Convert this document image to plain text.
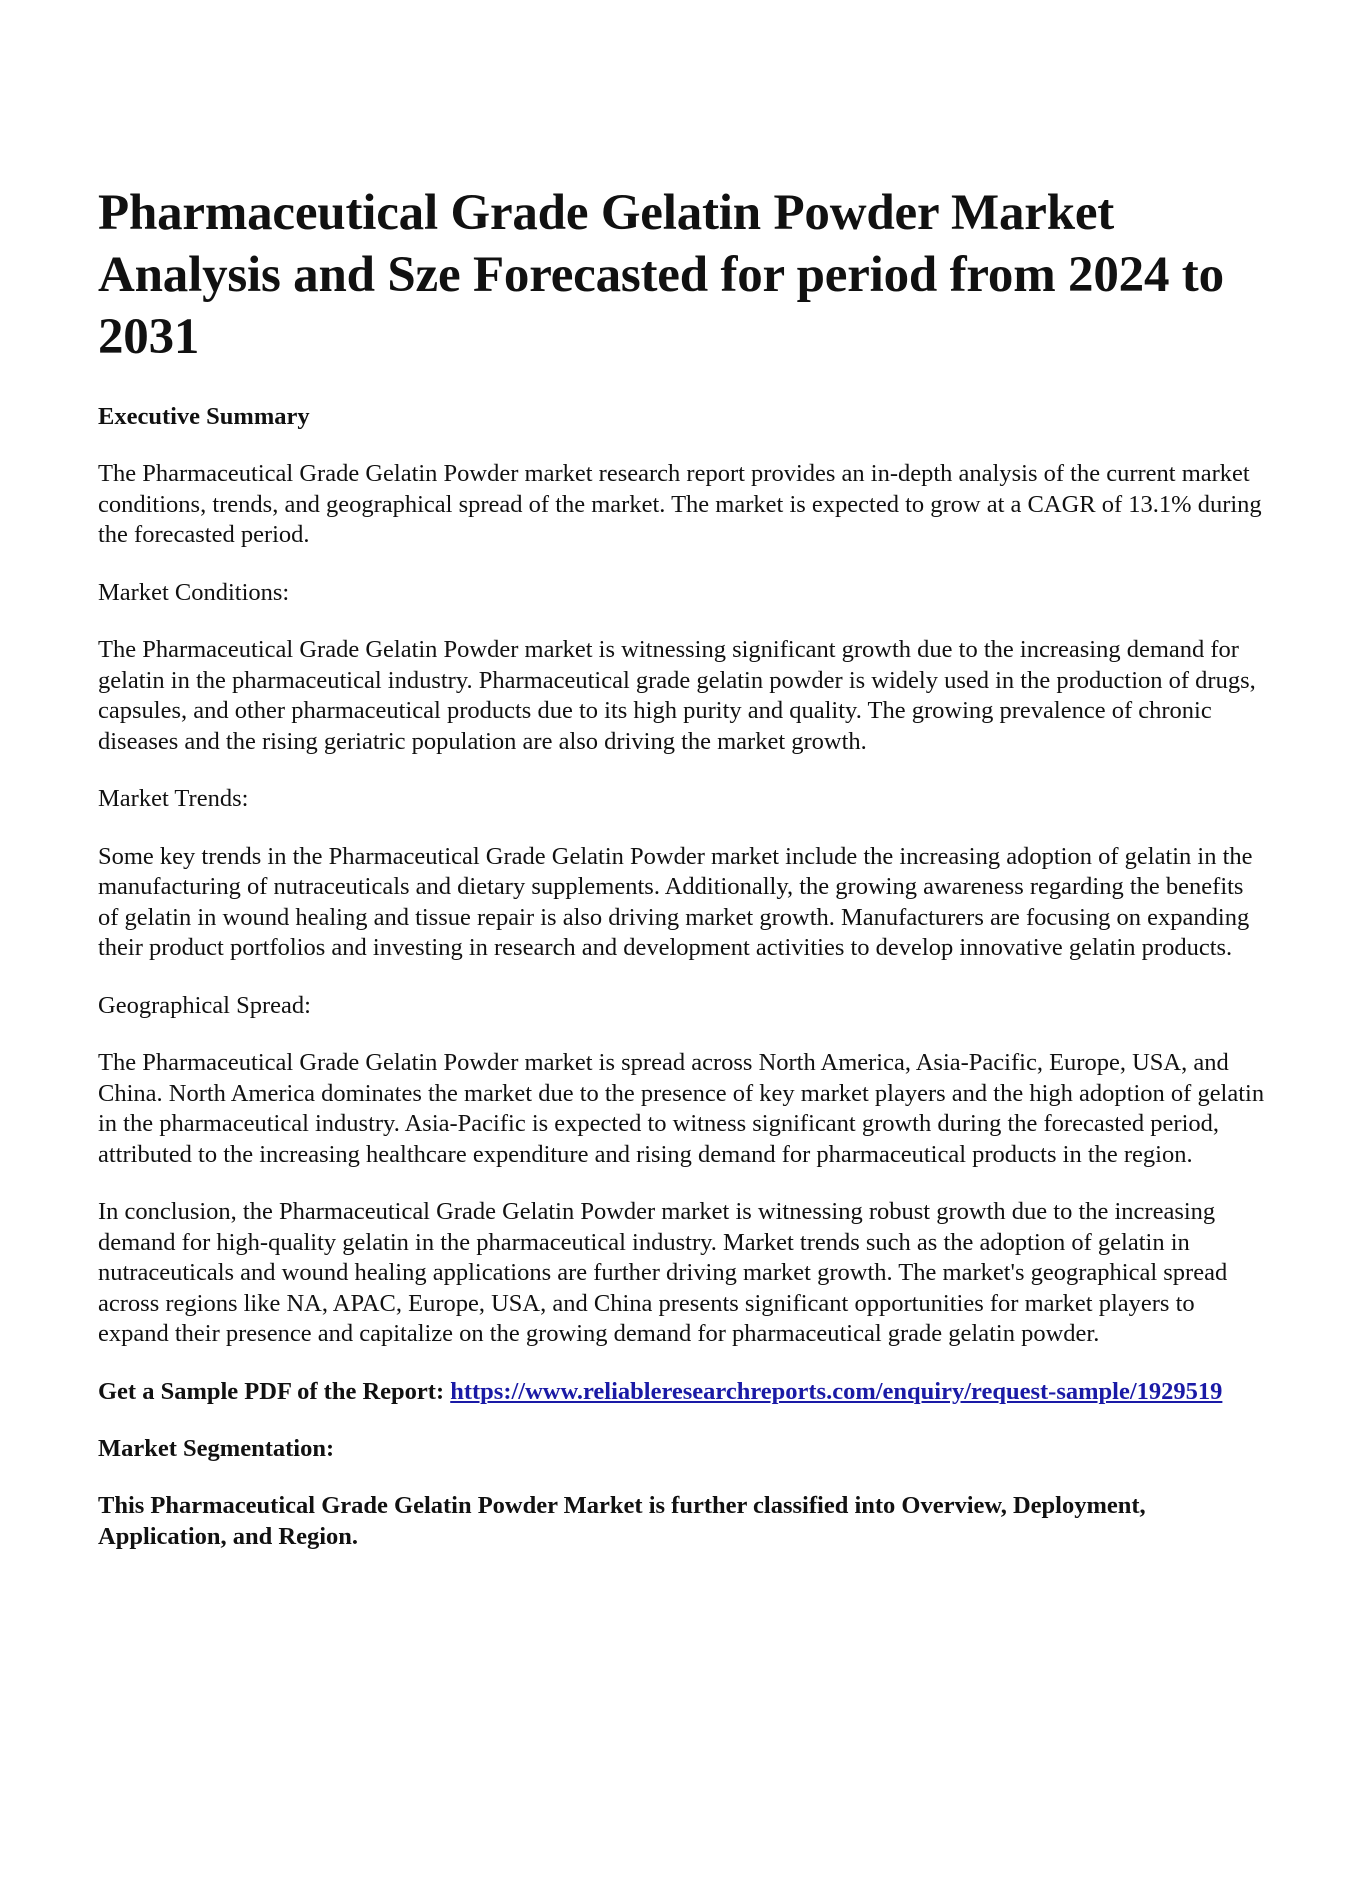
Pharmaceutical Grade Gelatin Powder Market Analysis and Sze Forecasted for period from 2024 to 2031
Executive Summary

The Pharmaceutical Grade Gelatin Powder market research report provides an in-depth analysis of the current market conditions, trends, and geographical spread of the market. The market is expected to grow at a CAGR of 13.1% during the forecasted period.

Market Conditions:

The Pharmaceutical Grade Gelatin Powder market is witnessing significant growth due to the increasing demand for gelatin in the pharmaceutical industry. Pharmaceutical grade gelatin powder is widely used in the production of drugs, capsules, and other pharmaceutical products due to its high purity and quality. The growing prevalence of chronic diseases and the rising geriatric population are also driving the market growth.

Market Trends:

Some key trends in the Pharmaceutical Grade Gelatin Powder market include the increasing adoption of gelatin in the manufacturing of nutraceuticals and dietary supplements. Additionally, the growing awareness regarding the benefits of gelatin in wound healing and tissue repair is also driving market growth. Manufacturers are focusing on expanding their product portfolios and investing in research and development activities to develop innovative gelatin products.

Geographical Spread:

The Pharmaceutical Grade Gelatin Powder market is spread across North America, Asia-Pacific, Europe, USA, and China. North America dominates the market due to the presence of key market players and the high adoption of gelatin in the pharmaceutical industry. Asia-Pacific is expected to witness significant growth during the forecasted period, attributed to the increasing healthcare expenditure and rising demand for pharmaceutical products in the region.

In conclusion, the Pharmaceutical Grade Gelatin Powder market is witnessing robust growth due to the increasing demand for high-quality gelatin in the pharmaceutical industry. Market trends such as the adoption of gelatin in nutraceuticals and wound healing applications are further driving market growth. The market's geographical spread across regions like NA, APAC, Europe, USA, and China presents significant opportunities for market players to expand their presence and capitalize on the growing demand for pharmaceutical grade gelatin powder.

Get a Sample PDF of the Report: https://www.reliableresearchreports.com/enquiry/request-sample/1929519
Market Segmentation:
This Pharmaceutical Grade Gelatin Powder Market is further classified into Overview, Deployment, Application, and Region.
